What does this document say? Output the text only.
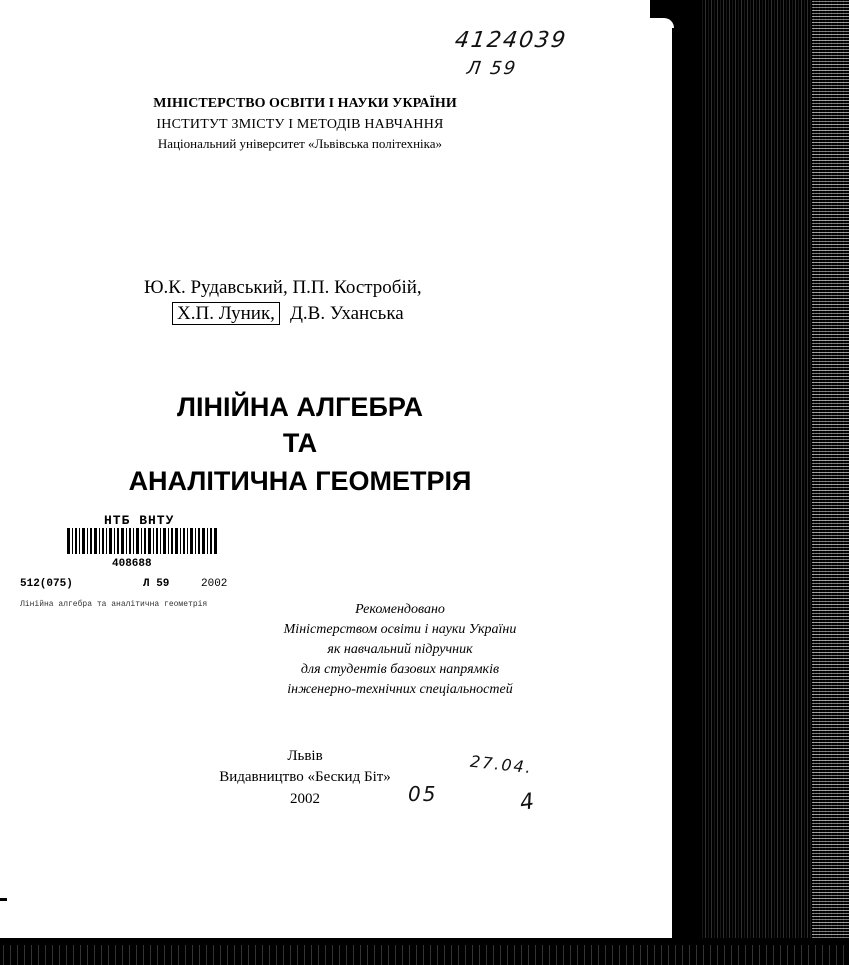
4124039
Л 59
МІНІСТЕРСТВО ОСВІТИ І НАУКИ УКРАЇНИ
ІНСТИТУТ ЗМІСТУ І МЕТОДІВ НАВЧАННЯ
Національний університет «Львівська політехніка»
Ю.К. Рудавський, П.П. Костробій,
Х.П. Луник, Д.В. Уханська
ЛІНІЙНА АЛГЕБРА
ТА
АНАЛІТИЧНА ГЕОМЕТРІЯ
НТБ ВНТУ
408688
512(075)	Л 59	2002
Лінійна алгебра та аналітична геометрія	Рекомендовано
Міністерством освіти і науки України
як навчальний підручник
для студентів базових напрямків
інженерно-технічних спеціальностей
Львів
Видавництво «Бескид Біт»
2002	05
27.04.
4
